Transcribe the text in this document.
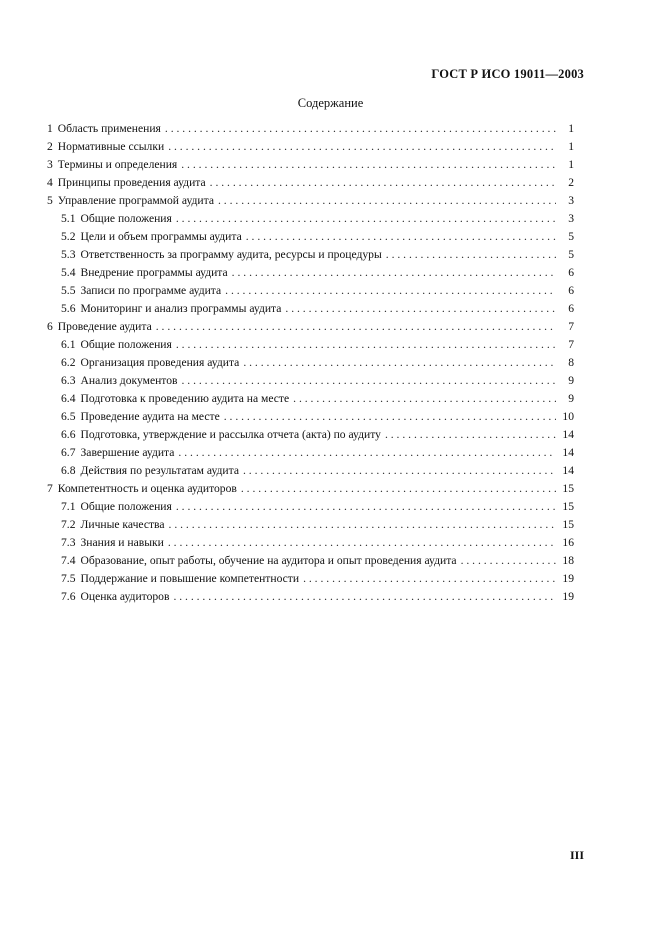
ГОСТ Р ИСО 19011—2003
Содержание
1 Область применения . . .	1
2 Нормативные ссылки . . .	1
3 Термины и определения . . .	1
4 Принципы проведения аудита . . .	2
5 Управление программой аудита . . .	3
5.1 Общие положения . . .	3
5.2 Цели и объем программы аудита . . .	5
5.3 Ответственность за программу аудита, ресурсы и процедуры . . .	5
5.4 Внедрение программы аудита . . .	6
5.5 Записи по программе аудита . . .	6
5.6 Мониторинг и анализ программы аудита . . .	6
6 Проведение аудита . . .	7
6.1 Общие положения . . .	7
6.2 Организация проведения аудита . . .	8
6.3 Анализ документов . . .	9
6.4 Подготовка к проведению аудита на месте . . .	9
6.5 Проведение аудита на месте . . .	10
6.6 Подготовка, утверждение и рассылка отчета (акта) по аудиту . . .	14
6.7 Завершение аудита . . .	14
6.8 Действия по результатам аудита . . .	14
7 Компетентность и оценка аудиторов . . .	15
7.1 Общие положения . . .	15
7.2 Личные качества . . .	15
7.3 Знания и навыки . . .	16
7.4 Образование, опыт работы, обучение на аудитора и опыт проведения аудита . . .	18
7.5 Поддержание и повышение компетентности . . .	19
7.6 Оценка аудиторов . . .	19
III
